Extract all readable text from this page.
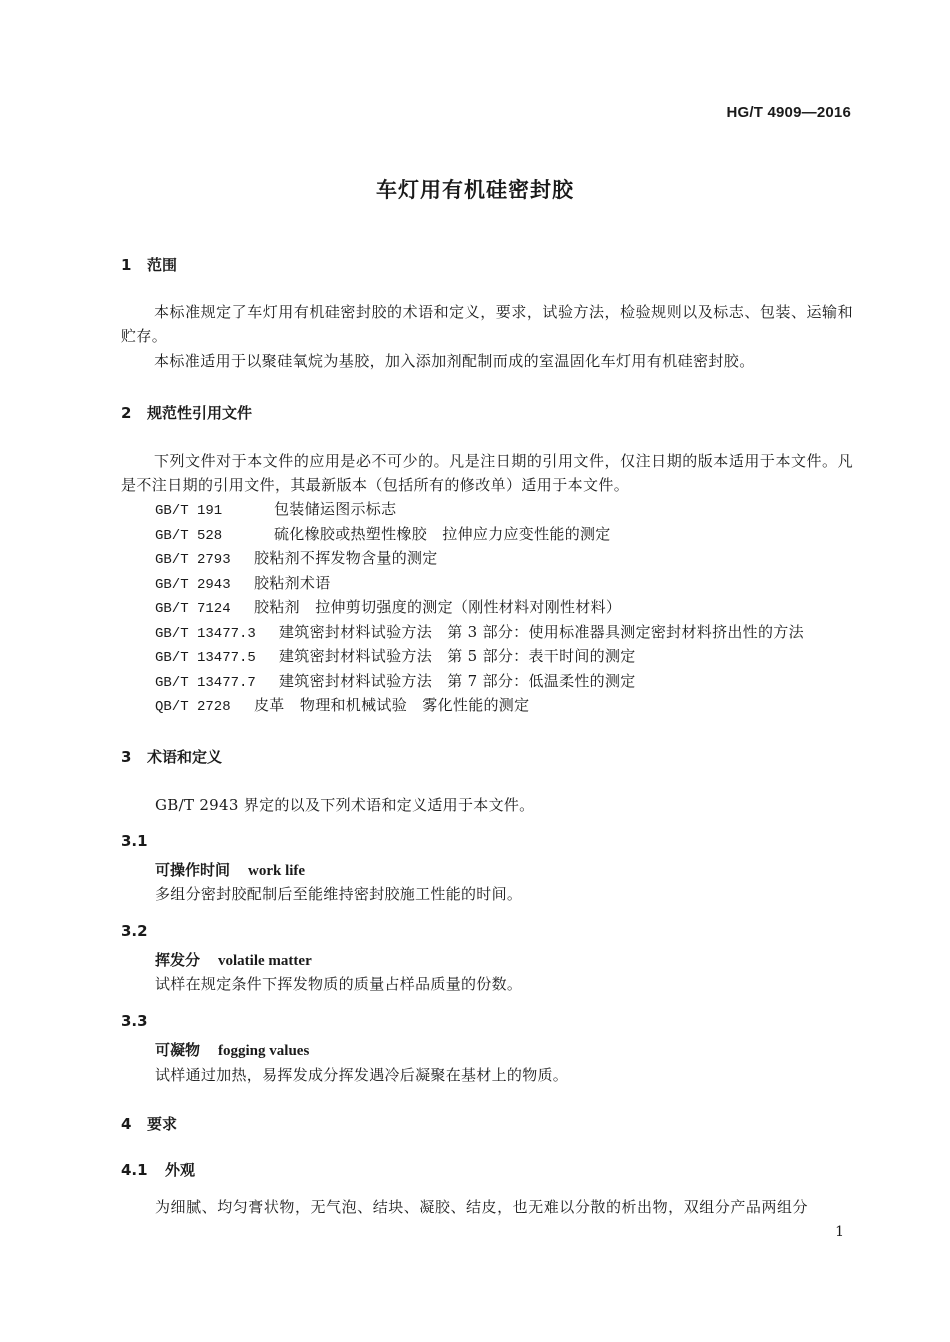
HG/T 4909—2016
车灯用有机硅密封胶
1 范围
本标准规定了车灯用有机硅密封胶的术语和定义，要求，试验方法，检验规则以及标志、包装、运输和贮存。
本标准适用于以聚硅氧烷为基胶，加入添加剂配制而成的室温固化车灯用有机硅密封胶。
2 规范性引用文件
下列文件对于本文件的应用是必不可少的。凡是注日期的引用文件，仅注日期的版本适用于本文件。凡是不注日期的引用文件，其最新版本（包括所有的修改单）适用于本文件。
GB/T 191	包装储运图示标志
GB/T 528	硫化橡胶或热塑性橡胶　拉伸应力应变性能的测定
GB/T 2793 胶粘剂不挥发物含量的测定
GB/T 2943 胶粘剂术语
GB/T 7124 胶粘剂　拉伸剪切强度的测定（刚性材料对刚性材料）
GB/T 13477.3 建筑密封材料试验方法　第 3 部分：使用标准器具测定密封材料挤出性的方法
GB/T 13477.5 建筑密封材料试验方法　第 5 部分：表干时间的测定
GB/T 13477.7 建筑密封材料试验方法　第 7 部分：低温柔性的测定
QB/T 2728 皮革　物理和机械试验　雾化性能的测定
3 术语和定义
GB/T 2943 界定的以及下列术语和定义适用于本文件。
3.1
可操作时间 work life
多组分密封胶配制后至能维持密封胶施工性能的时间。
3.2
挥发分 volatile matter
试样在规定条件下挥发物质的质量占样品质量的份数。
3.3
可凝物 fogging values
试样通过加热，易挥发成分挥发遇冷后凝聚在基材上的物质。
4 要求
4.1 外观
为细腻、均匀膏状物，无气泡、结块、凝胶、结皮，也无难以分散的析出物，双组分产品两组分
1
